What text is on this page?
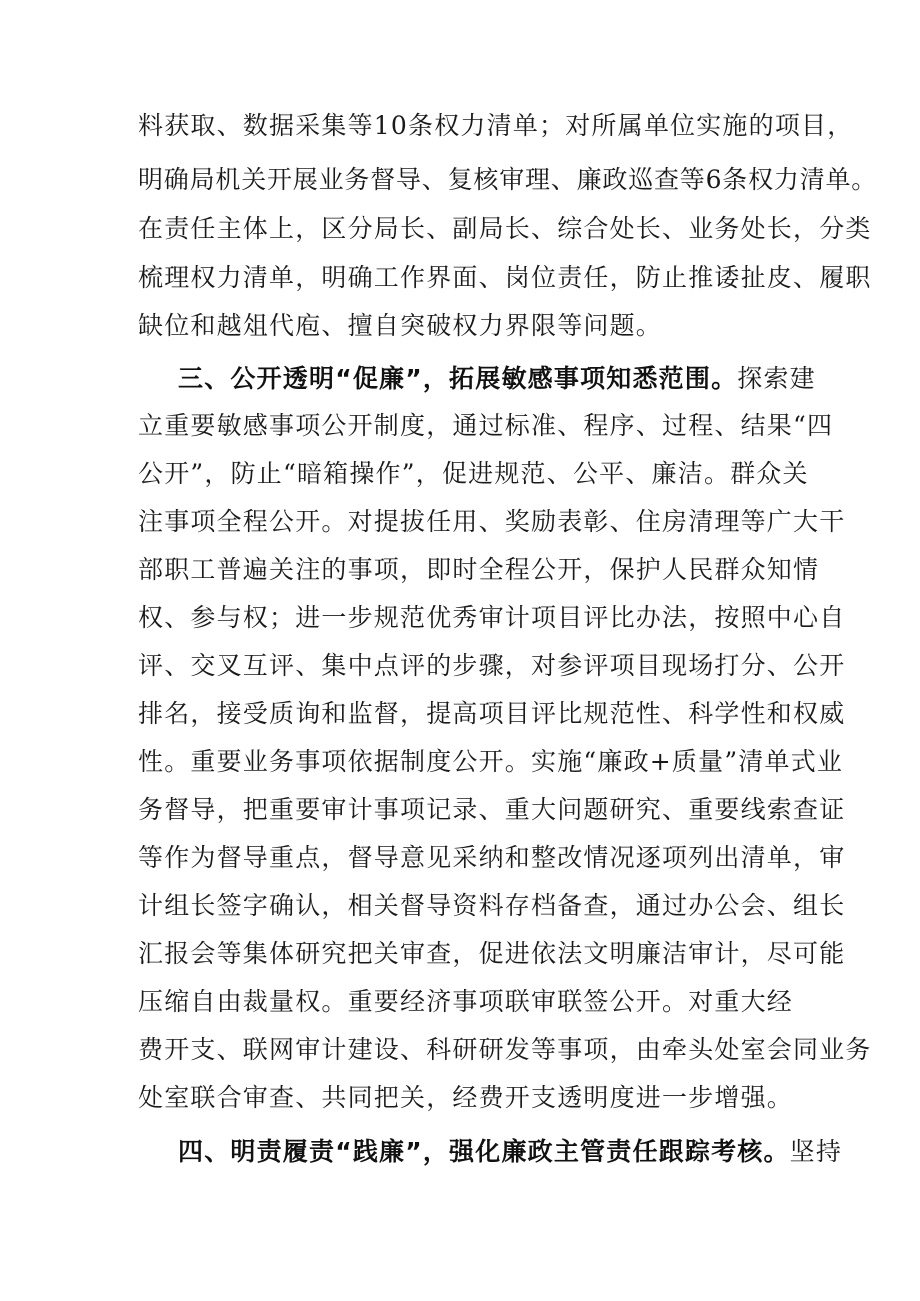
料获取、数据采集等10条权力清单；对所属单位实施的项目，
明确局机关开展业务督导、复核审理、廉政巡查等6条权力清单。
在责任主体上，区分局长、副局长、综合处长、业务处长，分类
梳理权力清单，明确工作界面、岗位责任，防止推诿扯皮、履职
缺位和越俎代庖、擅自突破权力界限等问题。
三、公开透明“促廉”，拓展敏感事项知悉范围。探索建
立重要敏感事项公开制度，通过标准、程序、过程、结果“四
公开”，防止“暗箱操作”，促进规范、公平、廉洁。群众关
注事项全程公开。对提拔任用、奖励表彰、住房清理等广大干
部职工普遍关注的事项，即时全程公开，保护人民群众知情
权、参与权；进一步规范优秀审计项目评比办法，按照中心自
评、交叉互评、集中点评的步骤，对参评项目现场打分、公开
排名，接受质询和监督，提高项目评比规范性、科学性和权威
性。重要业务事项依据制度公开。实施“廉政+质量”清单式业
务督导，把重要审计事项记录、重大问题研究、重要线索查证
等作为督导重点，督导意见采纳和整改情况逐项列出清单，审
计组长签字确认，相关督导资料存档备查，通过办公会、组长
汇报会等集体研究把关审查，促进依法文明廉洁审计，尽可能
压缩自由裁量权。重要经济事项联审联签公开。对重大经
费开支、联网审计建设、科研研发等事项，由牵头处室会同业务
处室联合审查、共同把关，经费开支透明度进一步增强。
四、明责履责“践廉”，强化廉政主管责任跟踪考核。坚持
